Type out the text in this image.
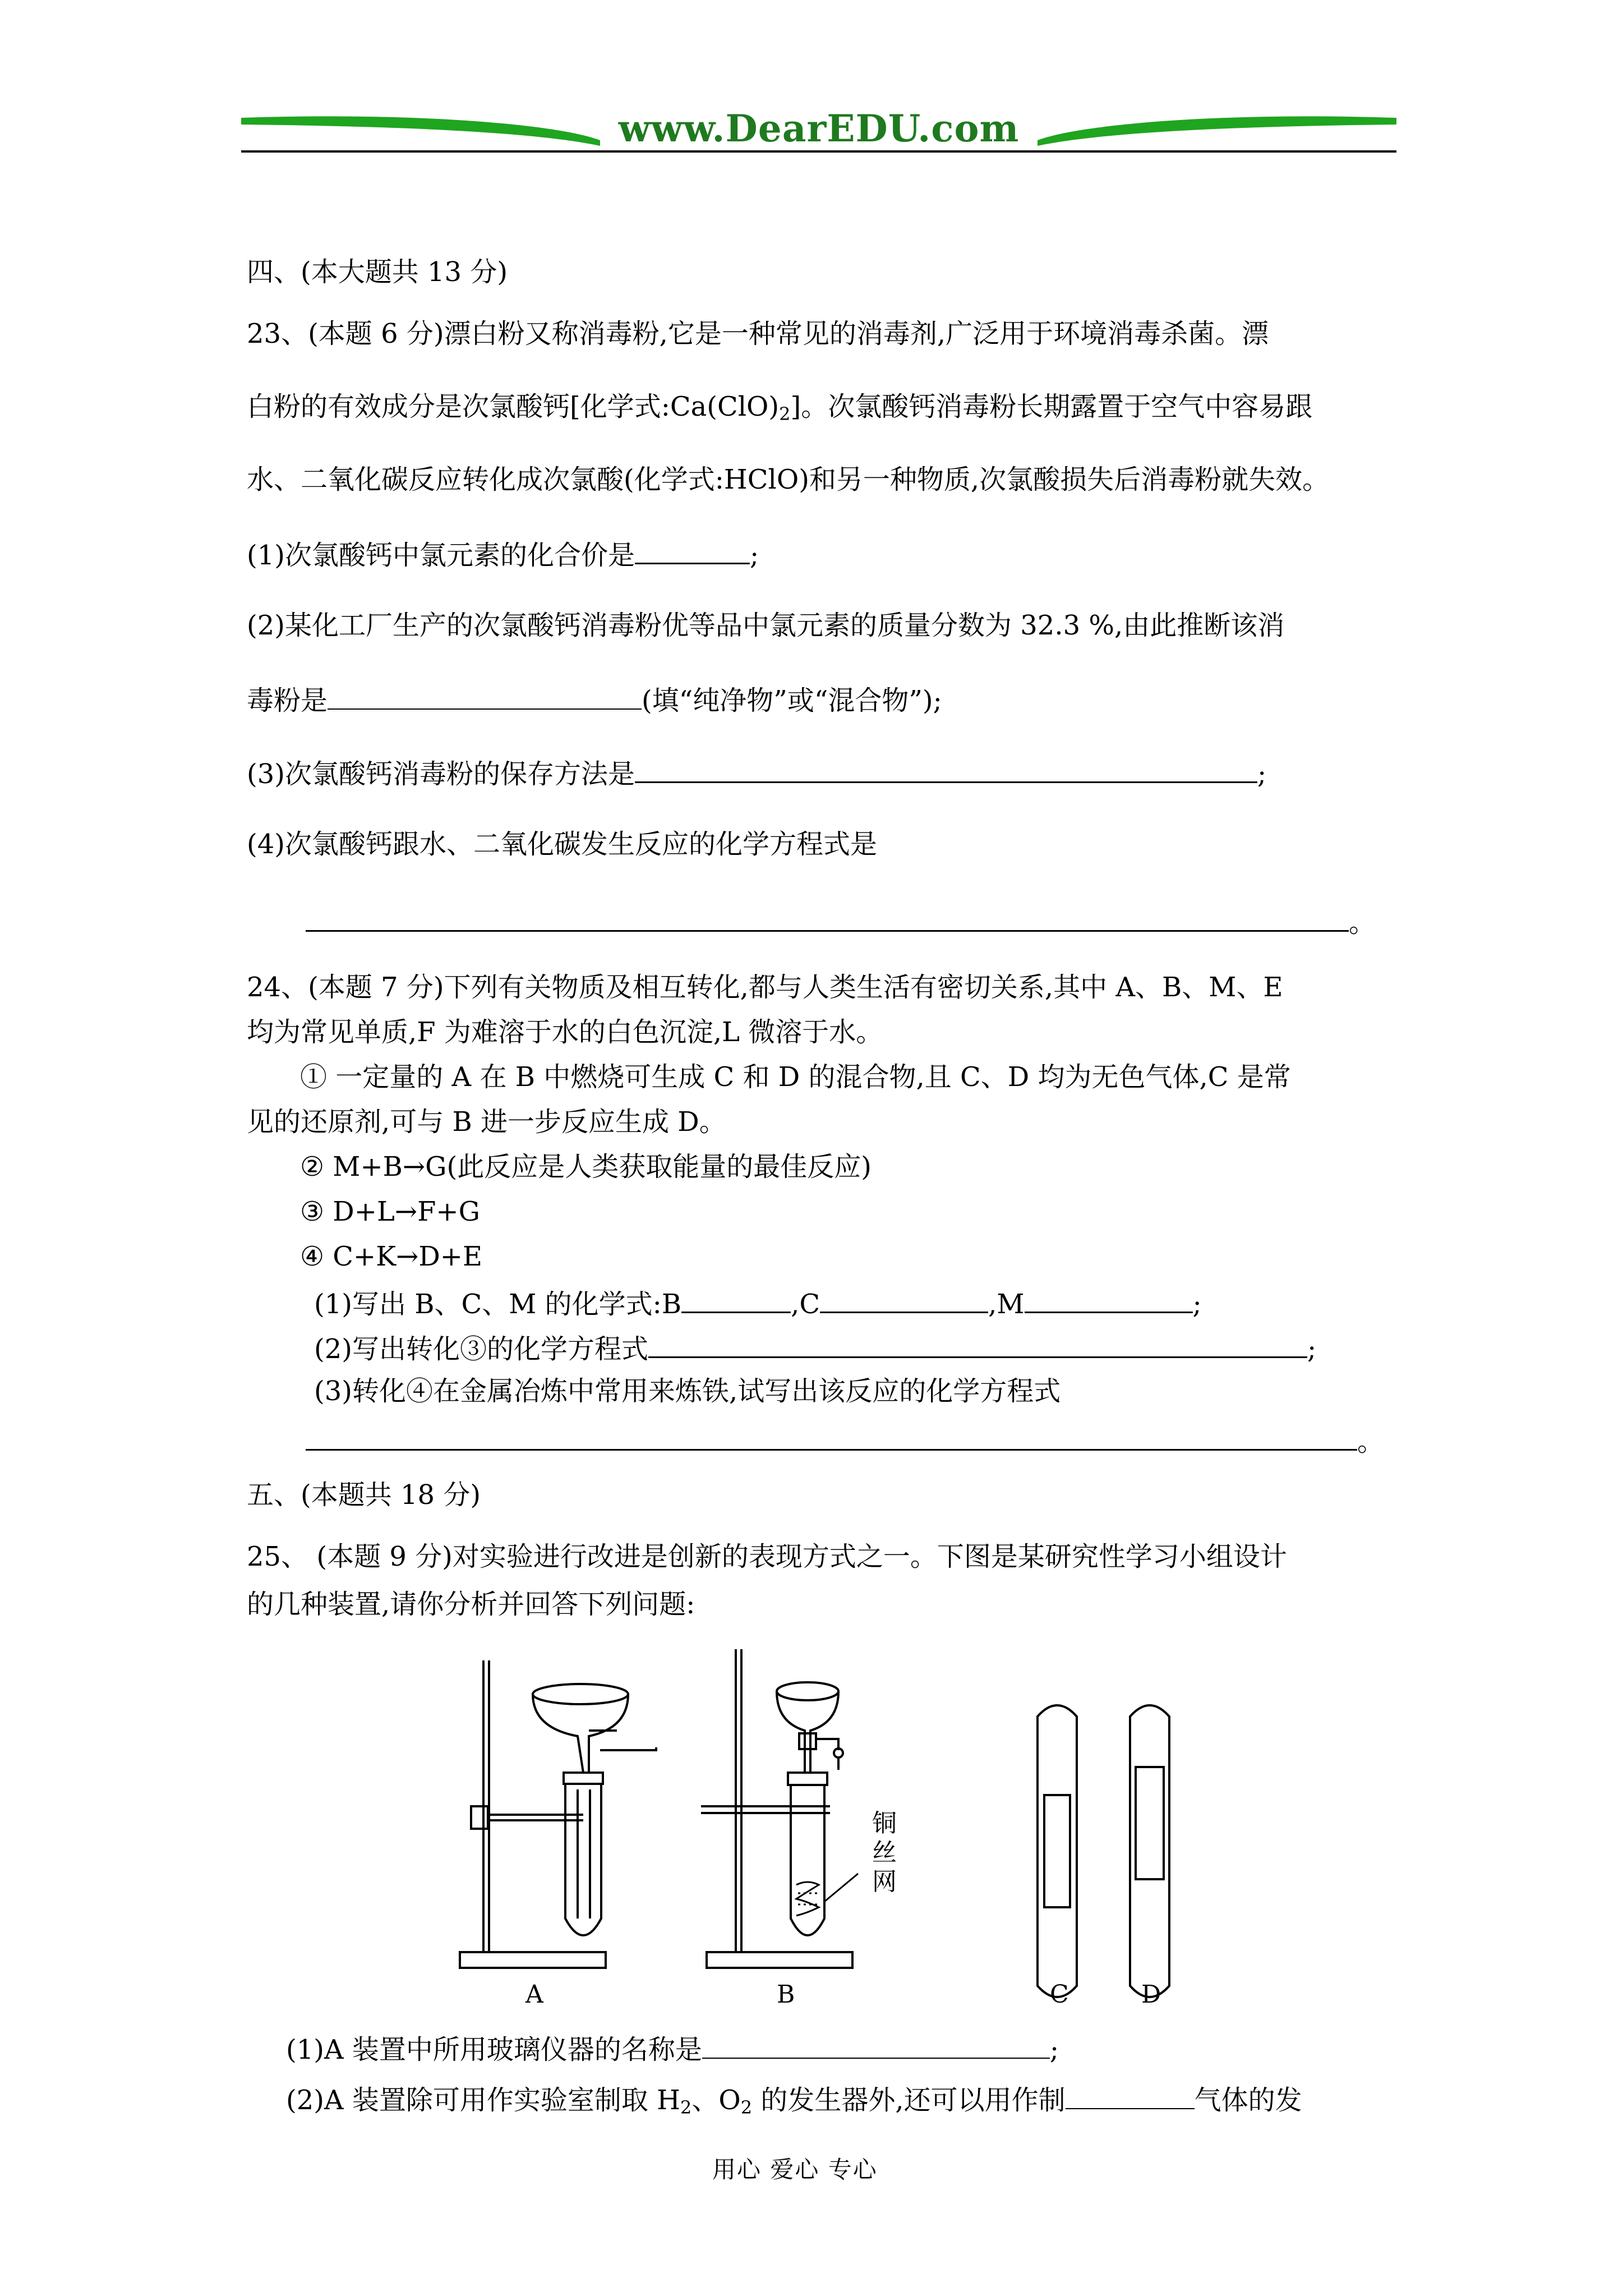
www.DearEDU.com
四、(本大题共 13 分)
23、(本题 6 分)漂白粉又称消毒粉,它是一种常见的消毒剂,广泛用于环境消毒杀菌。漂
白粉的有效成分是次氯酸钙[化学式$:Ca(ClO)_2$]。次氯酸钙消毒粉长期露置于空气中容易跟
水、二氧化碳反应转化成次氯酸(化学式:HClO)和另一种物质,次氯酸损失后消毒粉就失效。
(1)次氯酸钙中氯元素的化合价是	;
(2)某化工厂生产的次氯酸钙消毒粉优等品中氯元素的质量分数为 32.3 %,由此推断该消
毒粉是	(填“纯净物”或“混合物”);
(3)次氯酸钙消毒粉的保存方法是	;
(4)次氯酸钙跟水、二氧化碳发生反应的化学方程式是
。
24、(本题 7 分)下列有关物质及相互转化,都与人类生活有密切关系,其中 A、B、M、E
均为常见单质,F 为难溶于水的白色沉淀,L 微溶于水。
① 一定量的 A 在 B 中燃烧可生成 C 和 D 的混合物,且 C、D 均为无色气体,C 是常
见的还原剂,可与 B 进一步反应生成 D。
② M+B→G(此反应是人类获取能量的最佳反应)
③ D+L→F+G
④ C+K→D+E
(1)写出 B、C、M 的化学式:B	,C	,M	;
(2)写出转化③的化学方程式	;
(3)转化④在金属冶炼中常用来炼铁,试写出该反应的化学方程式
。
五、(本题共 18 分)
25、 (本题 9 分)对实验进行改进是创新的表现方式之一。下图是某研究性学习小组设计
的几种装置,请你分析并回答下列问题:
铜
丝
网
A	B	C	D
(1)A 装置中所用玻璃仪器的名称是	;
(2)A 装置除可用作实验室制取 $H_2$、$O_2$ 的发生器外,还可以用作制	气体的发
用心 爱心 专心
